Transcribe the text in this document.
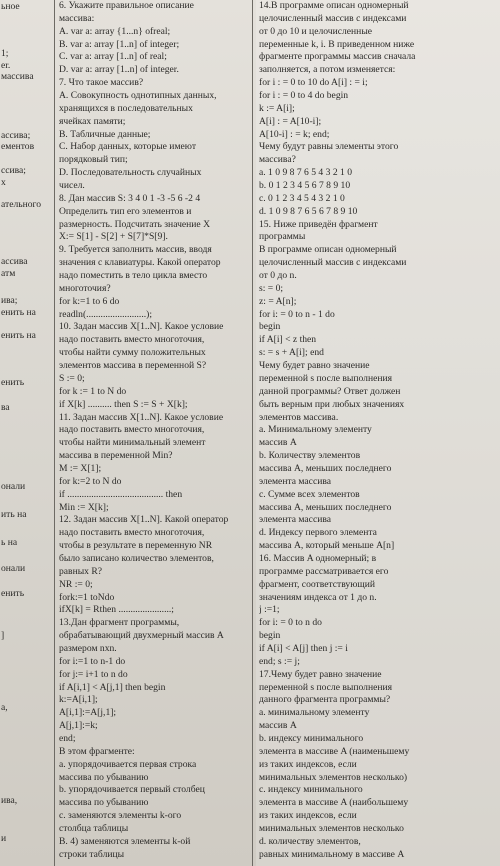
ьное
1;
er.
массива
ассива;
ементов
ссива;
х
ательного
ассива
атм
ива;
енить на
енить на
енить
ва
онали
ить на
ь на
онали
енить
]
а,
ива,
и
6. Укажите правильное описание
массива:
A. var a: array {1...n} ofreal;
B. var a: array [1..n] of integer;
C. var a: array [1..n] of real;
D. var a: array [1..n] of integer.
7. Что такое массив?
A. Совокупность однотипных данных,
хранящихся в последовательных
ячейках памяти;
B. Табличные данные;
C. Набор данных, которые имеют
порядковый тип;
D. Последовательность случайных
чисел.
8. Дан массив S: 3 4 0 1 -3 -5 6 -2 4
Определить тип его элементов и
размерность. Подсчитать значение X
X:= S[1] - S[2] + S[7]*S[9].
9. Требуется заполнить массив, вводя
значения с клавиатуры. Какой оператор
надо поместить в тело цикла вместо
многоточия?
for k:=1 to 6 do
readln(.........................);
10. Задан массив X[1..N]. Какое условие
надо поставить вместо многоточия,
чтобы найти сумму положительных
элементов массива в переменной S?
S := 0;
for k := 1 to N do
if X[k] .......... then S := S + X[k];
11. Задан массив X[1..N]. Какое условие
надо поставить вместо многоточия,
чтобы найти минимальный элемент
массива в переменной Min?
M := X[1];
for k:=2 to N do
if ........................................ then
Min := X[k];
12. Задан массив X[1..N]. Какой оператор
надо поставить вместо многоточия,
чтобы в результате в переменную NR
было записано количество элементов,
равных R?
NR := 0;
fork:=1 toNdo
ifX[k] = Rthen ......................;
13.Дан фрагмент программы,
обрабатывающий двухмерный массив A
размером nxn.
for i:=1 to n-1 do
for j:= i+1 to n do
if A[i,1] < A[j,1] then begin
k:=A[i,1];
A[i,1]:=A[j,1];
A[j,1]:=k;
end;
В этом фрагменте:
a. упорядочивается первая строка
массива по убыванию
b. упорядочивается первый столбец
массива по убыванию
c. заменяются элементы k-ого
столбца таблицы
B. 4) заменяются элементы k-ой
строки таблицы
14.В программе описан одномерный
целочисленный массив с индексами
от 0 до 10 и целочисленные
переменные k, i. В приведенном ниже
фрагменте программы массив сначала
заполняется, а потом изменяется:
for i : = 0 to 10 do A[i] : = i;
for i : = 0 to 4 do begin
k := A[i];
A[i] : = A[10-i];
A[10-i] : = k; end;
Чему будут равны элементы этого
массива?
a. 1 0 9 8 7 6 5 4 3 2 1 0
b. 0 1 2 3 4 5 6 7 8 9 10
c. 0 1 2 3 4 5 4 3 2 1 0
d. 1 0 9 8 7 6 5 6 7 8 9 10
15. Ниже приведён фрагмент
программы
В программе описан одномерный
целочисленный массив с индексами
от 0 до n.
s: = 0;
z: = A[n];
for i: = 0 to n - 1 do
begin
if A[i] < z then
s: = s + A[i]; end
Чему будет равно значение
переменной s после выполнения
данной программы? Ответ должен
быть верным при любых значениях
элементов массива.
a. Минимальному элементу
массив A
b. Количеству элементов
массива A, меньших последнего
элемента массива
c. Сумме всех элементов
массива A, меньших последнего
элемента массива
d. Индексу первого элемента
массива A, который меньше A[n]
16. Массив A одномерный; в
программе рассматривается его
фрагмент, соответствующий
значениям индекса от 1 до n.
j :=1;
for i: = 0 to n do
begin
if A[i] < A[j] then j := i
end; s := j;
17.Чему будет равно значение
переменной s после выполнения
данного фрагмента программы?
a. минимальному элементу
массив A
b. индексу минимального
элемента в массиве A (наименьшему
из таких индексов, если
минимальных элементов несколько)
c. индексу минимального
элемента в массиве A (наибольшему
из таких индексов, если
минимальных элементов несколько
d. количеству элементов,
равных минимальному в массиве A
